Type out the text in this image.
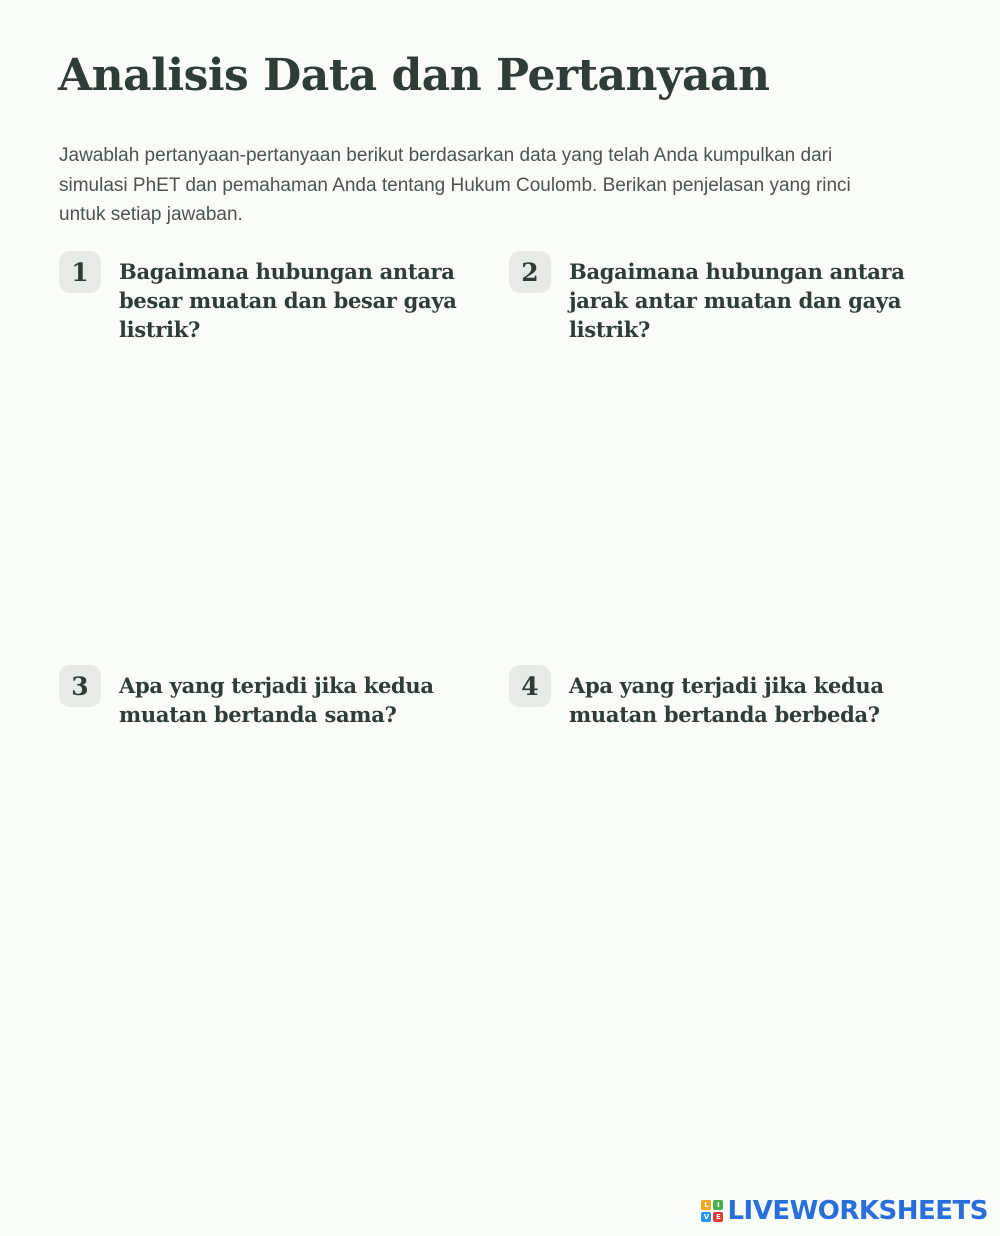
Analisis Data dan Pertanyaan

Jawablah pertanyaan-pertanyaan berikut berdasarkan data yang telah Anda kumpulkan dari simulasi PhET dan pemahaman Anda tentang Hukum Coulomb. Berikan penjelasan yang rinci untuk setiap jawaban.

1	Bagaimana hubungan antara besar muatan dan besar gaya listrik?
2	Bagaimana hubungan antara jarak antar muatan dan gaya listrik?
3	Apa yang terjadi jika kedua muatan bertanda sama?
4	Apa yang terjadi jika kedua muatan bertanda berbeda?
L	I
V E LIVEWORKSHEETS
